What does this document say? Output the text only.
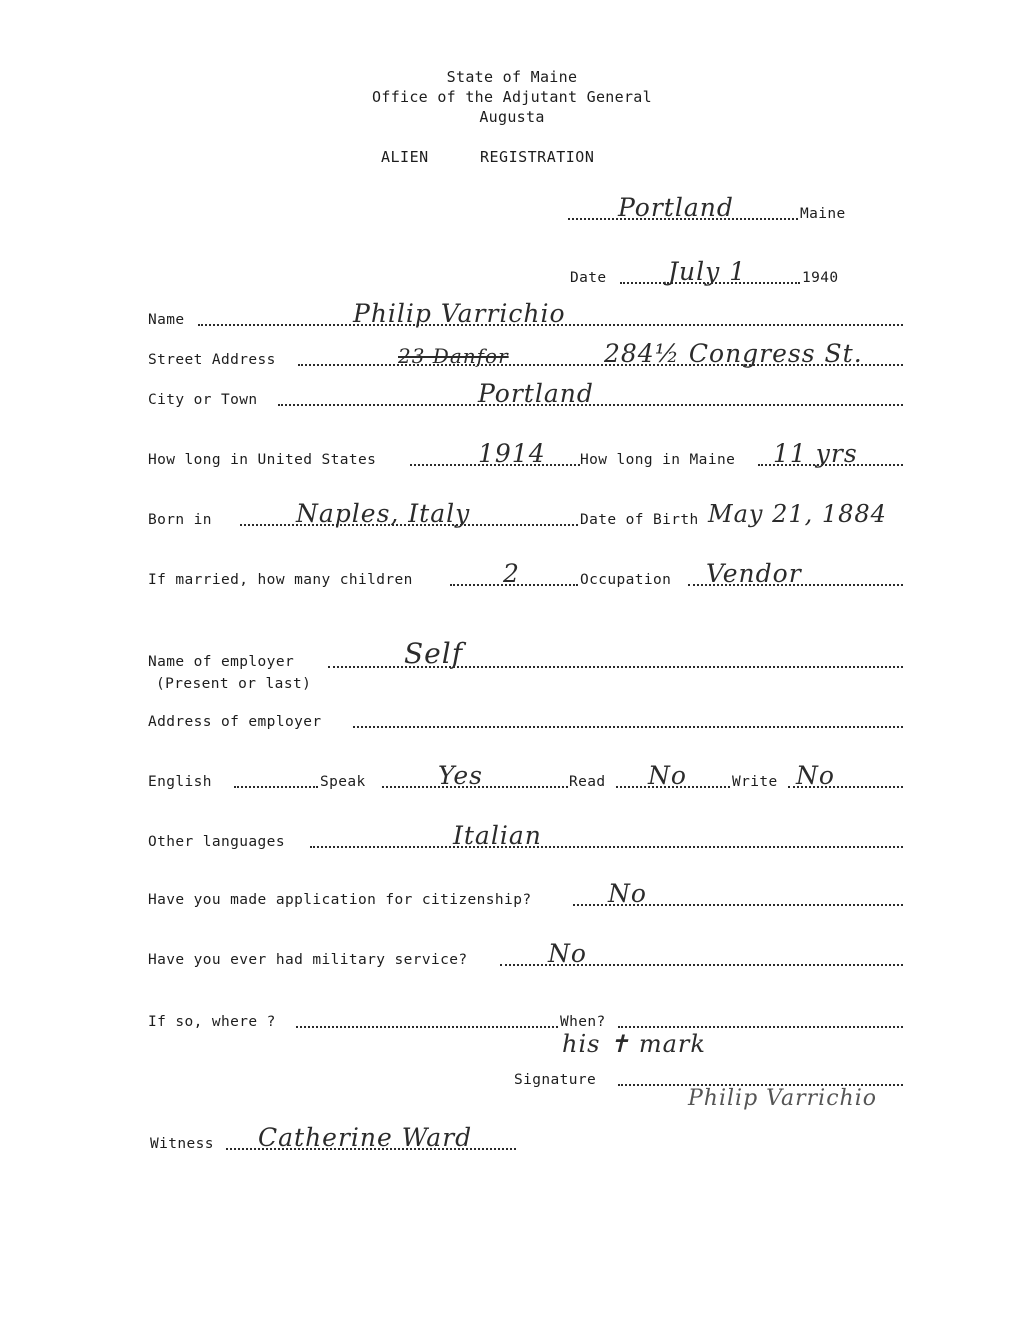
State of Maine
Office of the Adjutant General
Augusta
ALIEN	REGISTRATION
Portland	Maine
Date July 1	1940
Name	Philip Varrichio
Street Address	23 Danfor	284½ Congress St.
City or Town	Portland
How long in United States	1914 How long in Maine 11 yrs
Born in	Naples, Italy	Date of Birth May 21, 1884
If married, how many children	2	Occupation Vendor
Name of employer	Self
(Present or last)
Address of employer
English	Speak	Yes	Read No	Write No
Other languages	Italian
Have you made application for citizenship?	No
Have you ever had military service?	No
If so, where ?	When?
his ✝ mark
Signature
Philip Varrichio
Witness Catherine Ward
